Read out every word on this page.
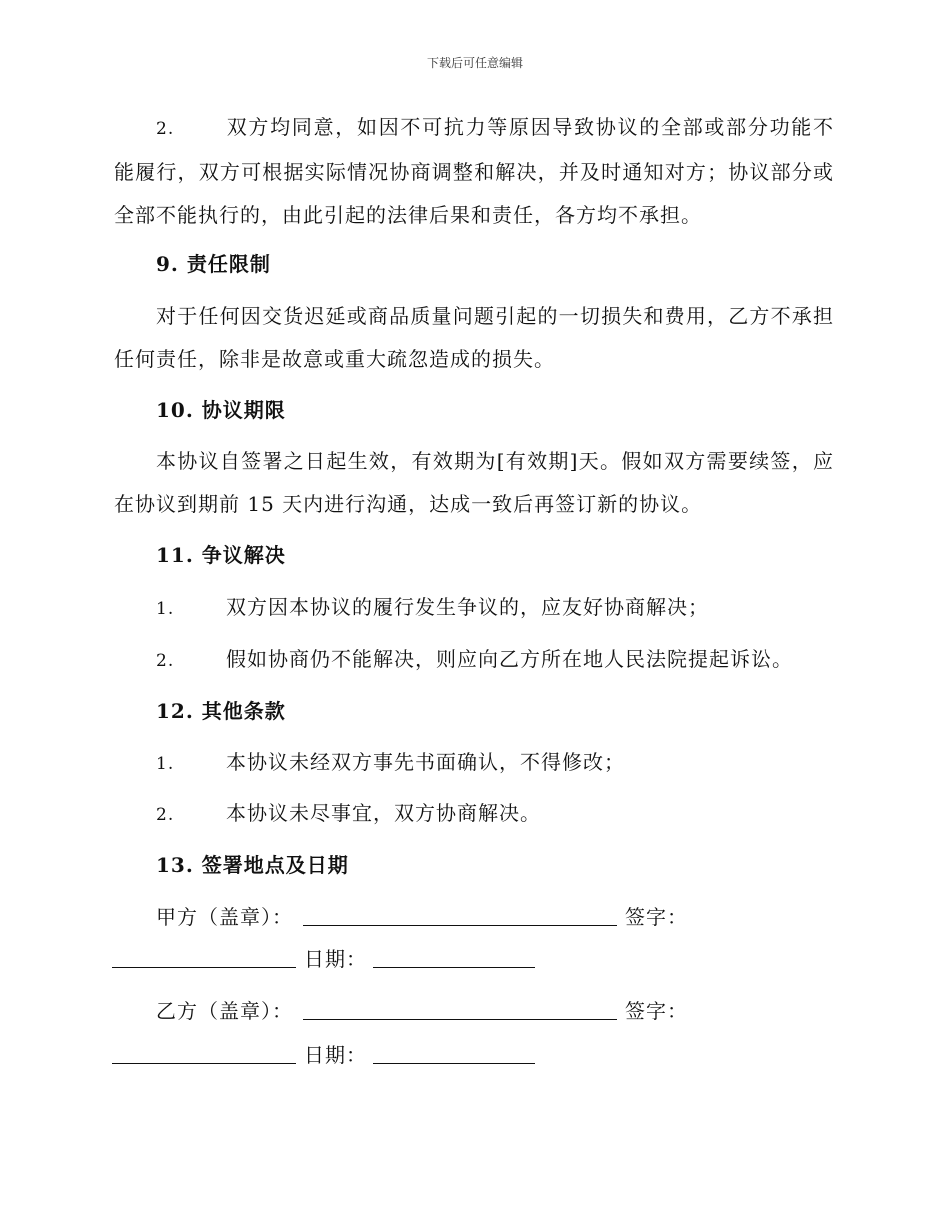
下载后可任意编辑

2.	双方均同意，如因不可抗力等原因导致协议的全部或部分功能不能履行，双方可根据实际情况协商调整和解决，并及时通知对方；协议部分或全部不能执行的，由此引起的法律后果和责任，各方均不承担。

9. 责任限制

对于任何因交货迟延或商品质量问题引起的一切损失和费用，乙方不承担任何责任，除非是故意或重大疏忽造成的损失。

10. 协议期限

本协议自签署之日起生效，有效期为[有效期]天。假如双方需要续签，应在协议到期前 15 天内进行沟通，达成一致后再签订新的协议。

11. 争议解决
1.	双方因本协议的履行发生争议的，应友好协商解决；
2.	假如协商仍不能解决，则应向乙方所在地人民法院提起诉讼。
12. 其他条款
1.	本协议未经双方事先书面确认，不得修改；
2.	本协议未尽事宜，双方协商解决。
13. 签署地点及日期
甲方（盖章）：	签字：
日期：
乙方（盖章）：	签字：
日期：
